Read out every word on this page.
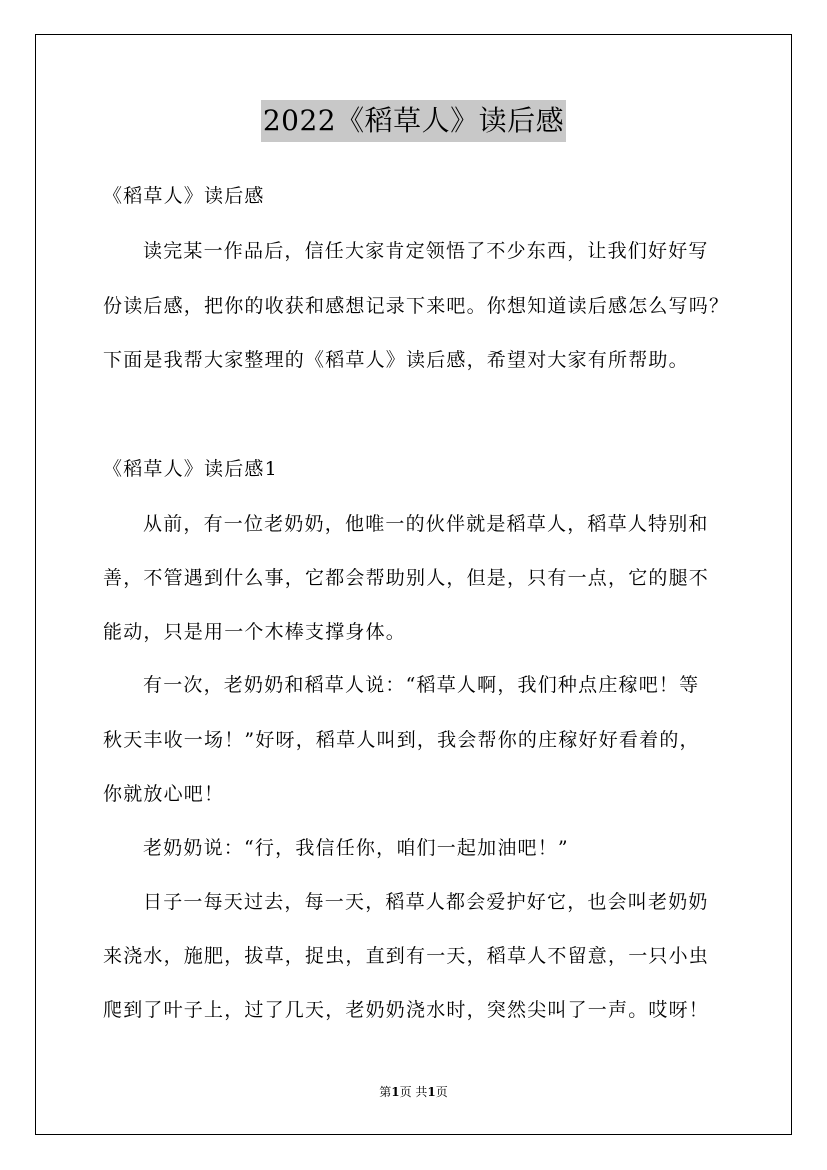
2022《稻草人》读后感
《稻草人》读后感
读完某一作品后，信任大家肯定领悟了不少东西，让我们好好写
份读后感，把你的收获和感想记录下来吧。你想知道读后感怎么写吗？
下面是我帮大家整理的《稻草人》读后感，希望对大家有所帮助。
《稻草人》读后感1
从前，有一位老奶奶，他唯一的伙伴就是稻草人，稻草人特别和
善，不管遇到什么事，它都会帮助别人，但是，只有一点，它的腿不
能动，只是用一个木棒支撑身体。
有一次，老奶奶和稻草人说：“稻草人啊，我们种点庄稼吧！等
秋天丰收一场！”好呀，稻草人叫到，我会帮你的庄稼好好看着的，
你就放心吧！
老奶奶说：“行，我信任你，咱们一起加油吧！”
日子一每天过去，每一天，稻草人都会爱护好它，也会叫老奶奶
来浇水，施肥，拔草，捉虫，直到有一天，稻草人不留意，一只小虫
爬到了叶子上，过了几天，老奶奶浇水时，突然尖叫了一声。哎呀！
第1页 共1页
